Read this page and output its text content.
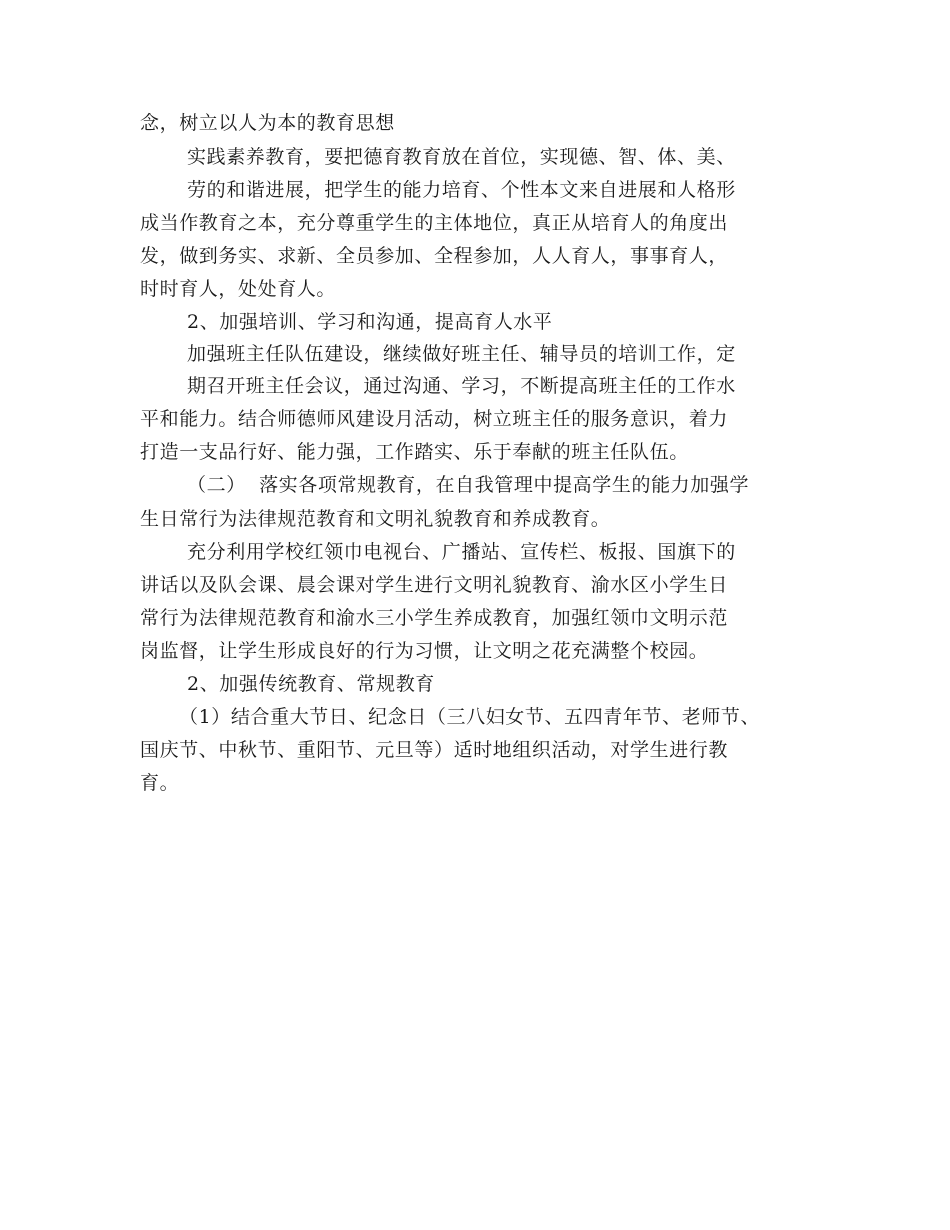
念，树立以人为本的教育思想
实践素养教育，要把德育教育放在首位，实现德、智、体、美、
劳的和谐进展，把学生的能力培育、个性本文来自进展和人格形
成当作教育之本，充分尊重学生的主体地位，真正从培育人的角度出
发，做到务实、求新、全员参加、全程参加，人人育人，事事育人，
时时育人，处处育人。
2、加强培训、学习和沟通，提高育人水平
加强班主任队伍建设，继续做好班主任、辅导员的培训工作，定
期召开班主任会议，通过沟通、学习，不断提高班主任的工作水
平和能力。结合师德师风建设月活动，树立班主任的服务意识，着力
打造一支品行好、能力强，工作踏实、乐于奉献的班主任队伍。
（二）  落实各项常规教育，在自我管理中提高学生的能力加强学
生日常行为法律规范教育和文明礼貌教育和养成教育。
充分利用学校红领巾电视台、广播站、宣传栏、板报、国旗下的
讲话以及队会课、晨会课对学生进行文明礼貌教育、渝水区小学生日
常行为法律规范教育和渝水三小学生养成教育，加强红领巾文明示范
岗监督，让学生形成良好的行为习惯，让文明之花充满整个校园。
2、加强传统教育、常规教育
（1）结合重大节日、纪念日（三八妇女节、五四青年节、老师节、
国庆节、中秋节、重阳节、元旦等）适时地组织活动，对学生进行教
育。
